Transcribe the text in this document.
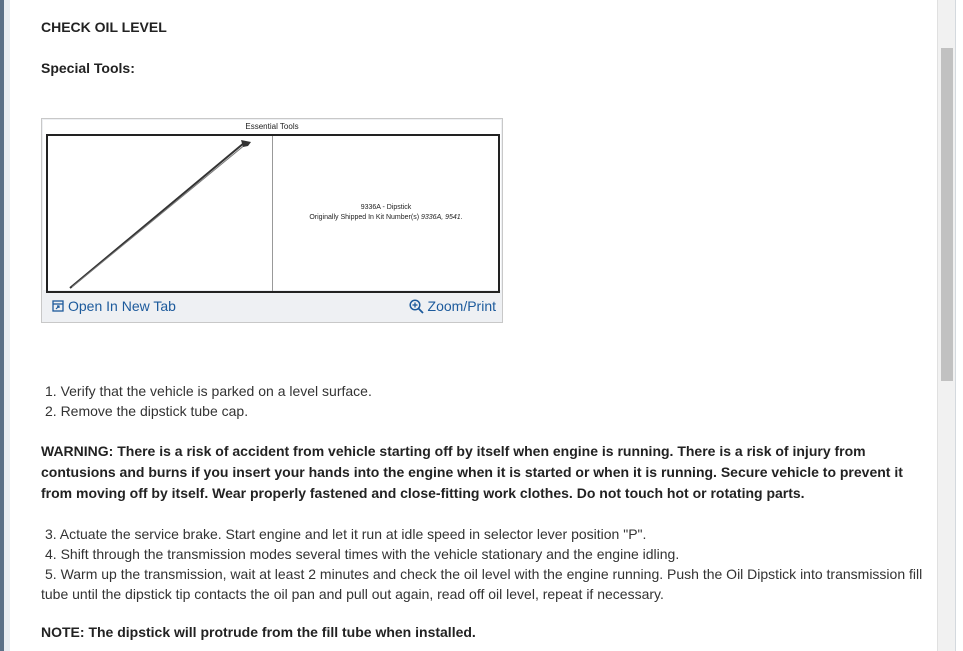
CHECK OIL LEVEL
Special Tools:
Essential Tools
9336A - Dipstick
Originally Shipped In Kit Number(s) 9336A, 9541.
Open In New Tab	Zoom/Print
1. Verify that the vehicle is parked on a level surface.
2. Remove the dipstick tube cap.
WARNING: There is a risk of accident from vehicle starting off by itself when engine is running. There is a risk of injury from contusions and burns if you insert your hands into the engine when it is started or when it is running. Secure vehicle to prevent it from moving off by itself. Wear properly fastened and close-fitting work clothes. Do not touch hot or rotating parts.
3. Actuate the service brake. Start engine and let it run at idle speed in selector lever position "P".
4. Shift through the transmission modes several times with the vehicle stationary and the engine idling.
5. Warm up the transmission, wait at least 2 minutes and check the oil level with the engine running. Push the Oil Dipstick into transmission fill tube until the dipstick tip contacts the oil pan and pull out again, read off oil level, repeat if necessary.
NOTE: The dipstick will protrude from the fill tube when installed.
